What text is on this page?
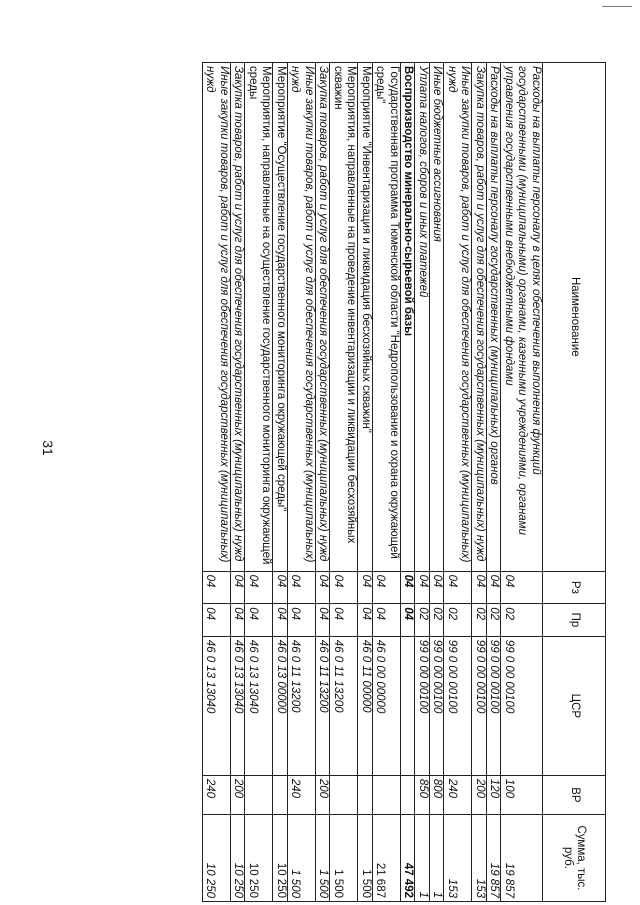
31
Наименование	Рз	Пр	ЦСР	ВР	Сумма, тыс. руб.
Расходы на выплаты персоналу в целях обеспечения выполнения функций государственными (муниципальными) органами, казенными учреждениями, органами управления государственными внебюджетными фондами	04	02	99 0 00 00100	100	19 857
Расходы на выплаты персоналу государственных (муниципальных) органов	04	02	99 0 00 00100	120	19 857
Закупка товаров, работ и услуг для обеспечения государственных (муниципальных) нужд	04	02	99 0 00 00100	200	153
Иные закупки товаров, работ и услуг для обеспечения государственных (муниципальных) нужд	04	02	99 0 00 00100	240	153
Иные бюджетные ассигнования	04	02	99 0 00 00100	800	1
Уплата налогов, сборов и иных платежей	04	02	99 0 00 00100	850	1
Воспроизводство минерально-сырьевой базы	04	04			47 492
Государственная программа Тюменской области "Недропользование и охрана окружающей среды"	04	04	46 0 00 00000		21 687
Мероприятие "Инвентаризация и ликвидация бесхозяйных скважин"	04	04	46 0 11 00000		1 500
Мероприятия, направленные на проведение инвентаризации и ликвидации бесхозяйных скважин	04	04	46 0 11 13200		1 500
Закупка товаров, работ и услуг для обеспечения государственных (муниципальных) нужд	04	04	46 0 11 13200	200	1 500
Иные закупки товаров, работ и услуг для обеспечения государственных (муниципальных) нужд	04	04	46 0 11 13200	240	1 500
Мероприятие "Осуществление государственного мониторинга окружающей среды"	04	04	46 0 13 00000		10 250
Мероприятия, направленные на осуществление государственного мониторинга окружающей среды	04	04	46 0 13 13040		10 250
Закупка товаров, работ и услуг для обеспечения государственных (муниципальных) нужд	04	04	46 0 13 13040	200	10 250
Иные закупки товаров, работ и услуг для обеспечения государственных (муниципальных) нужд	04	04	46 0 13 13040	240	10 250
